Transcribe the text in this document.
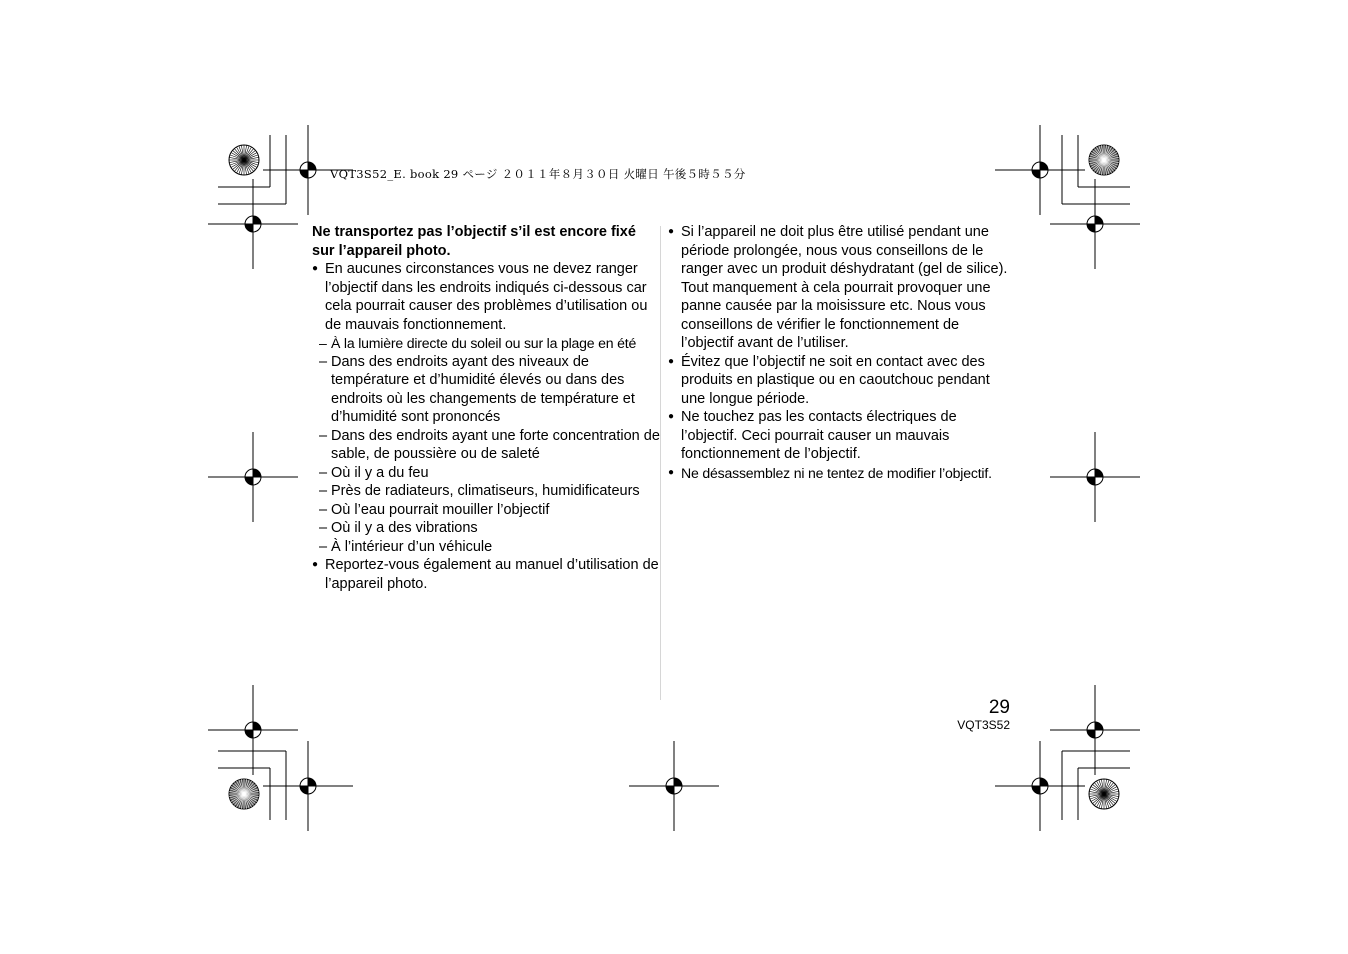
VQT3S52_E. book 29 ページ ２０１１年８月３０日 火曜日 午後５時５５分

Ne transportez pas l’objectif s’il est encore fixé sur l’appareil photo.

● En aucunes circonstances vous ne devez ranger l’objectif dans les endroits indiqués ci-dessous car cela pourrait causer des problèmes d’utilisation ou de mauvais fonctionnement.

– À la lumière directe du soleil ou sur la plage en été

– Dans des endroits ayant des niveaux de température et d’humidité élevés ou dans des endroits où les changements de température et d’humidité sont prononcés

– Dans des endroits ayant une forte concentration de sable, de poussière ou de saleté

– Où il y a du feu

– Près de radiateurs, climatiseurs, humidificateurs

– Où l’eau pourrait mouiller l’objectif

– Où il y a des vibrations

– À l’intérieur d’un véhicule

● Reportez-vous également au manuel d’utilisation de l’appareil photo.

● Si l’appareil ne doit plus être utilisé pendant une période prolongée, nous vous conseillons de le ranger avec un produit déshydratant (gel de silice). Tout manquement à cela pourrait provoquer une panne causée par la moisissure etc. Nous vous conseillons de vérifier le fonctionnement de l’objectif avant de l’utiliser.

● Évitez que l’objectif ne soit en contact avec des produits en plastique ou en caoutchouc pendant une longue période.

● Ne touchez pas les contacts électriques de l’objectif. Ceci pourrait causer un mauvais fonctionnement de l’objectif.

● Ne désassemblez ni ne tentez de modifier l’objectif.

29
VQT3S52
